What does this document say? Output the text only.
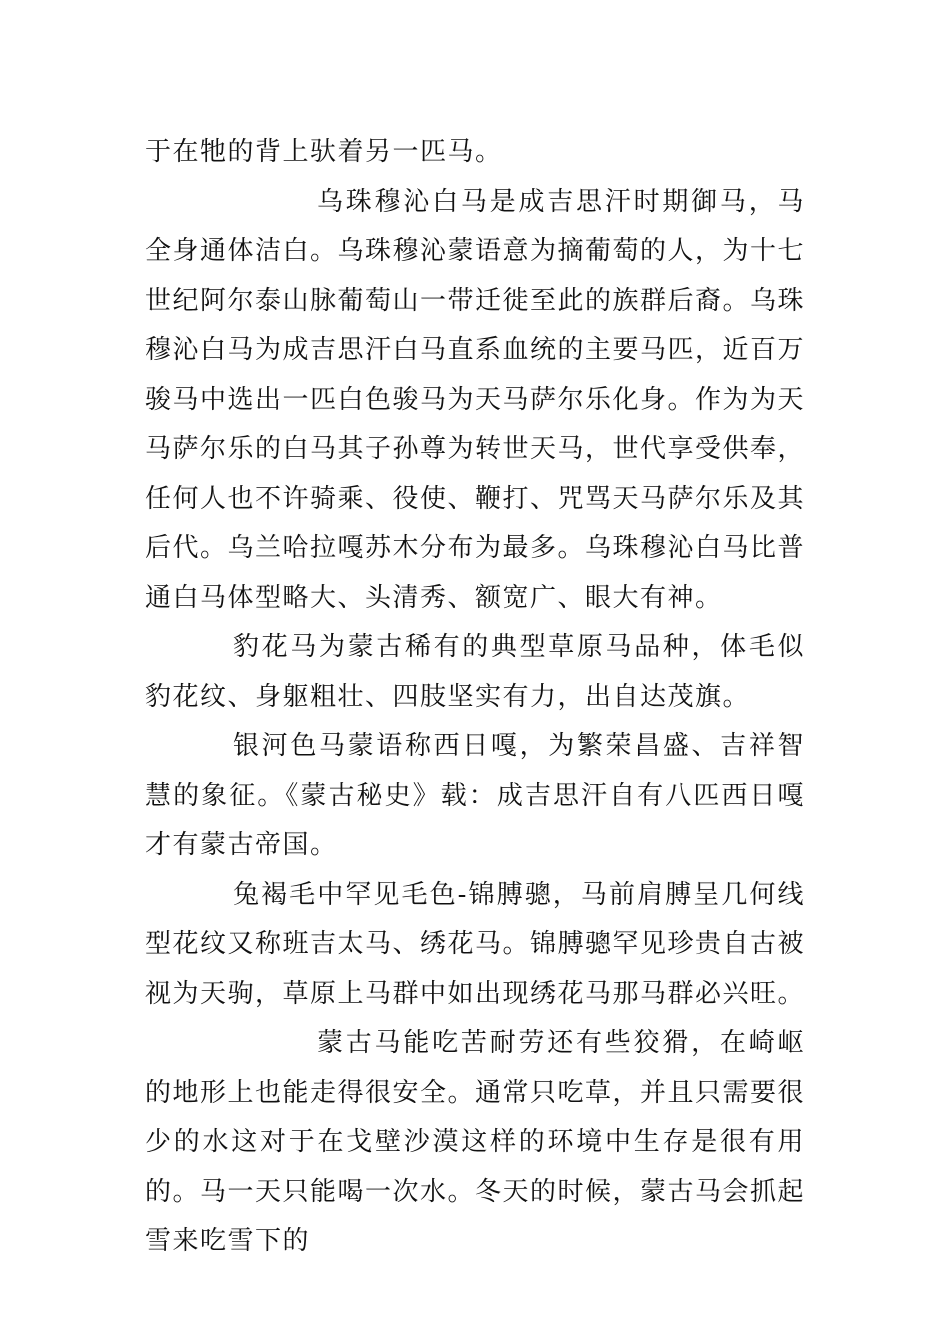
于在牠的背上驮着另一匹马。

乌珠穆沁白马是成吉思汗时期御马，马全身通体洁白。乌珠穆沁蒙语意为摘葡萄的人，为十七世纪阿尔泰山脉葡萄山一带迁徙至此的族群后裔。乌珠穆沁白马为成吉思汗白马直系血统的主要马匹，近百万骏马中选出一匹白色骏马为天马萨尔乐化身。作为为天马萨尔乐的白马其子孙尊为转世天马，世代享受供奉，任何人也不许骑乘、役使、鞭打、咒骂天马萨尔乐及其后代。乌兰哈拉嘎苏木分布为最多。乌珠穆沁白马比普通白马体型略大、头清秀、额宽广、眼大有神。

豹花马为蒙古稀有的典型草原马品种，体毛似豹花纹、身躯粗壮、四肢坚实有力，出自达茂旗。

银河色马蒙语称西日嘎，为繁荣昌盛、吉祥智慧的象征。《蒙古秘史》载：成吉思汗自有八匹西日嘎才有蒙古帝国。

兔褐毛中罕见毛色-锦膊骢，马前肩膊呈几何线型花纹又称班吉太马、绣花马。锦膊骢罕见珍贵自古被视为天驹，草原上马群中如出现绣花马那马群必兴旺。

蒙古马能吃苦耐劳还有些狡猾，在崎岖的地形上也能走得很安全。通常只吃草，并且只需要很少的水这对于在戈壁沙漠这样的环境中生存是很有用的。马一天只能喝一次水。冬天的时候，蒙古马会抓起雪来吃雪下的
